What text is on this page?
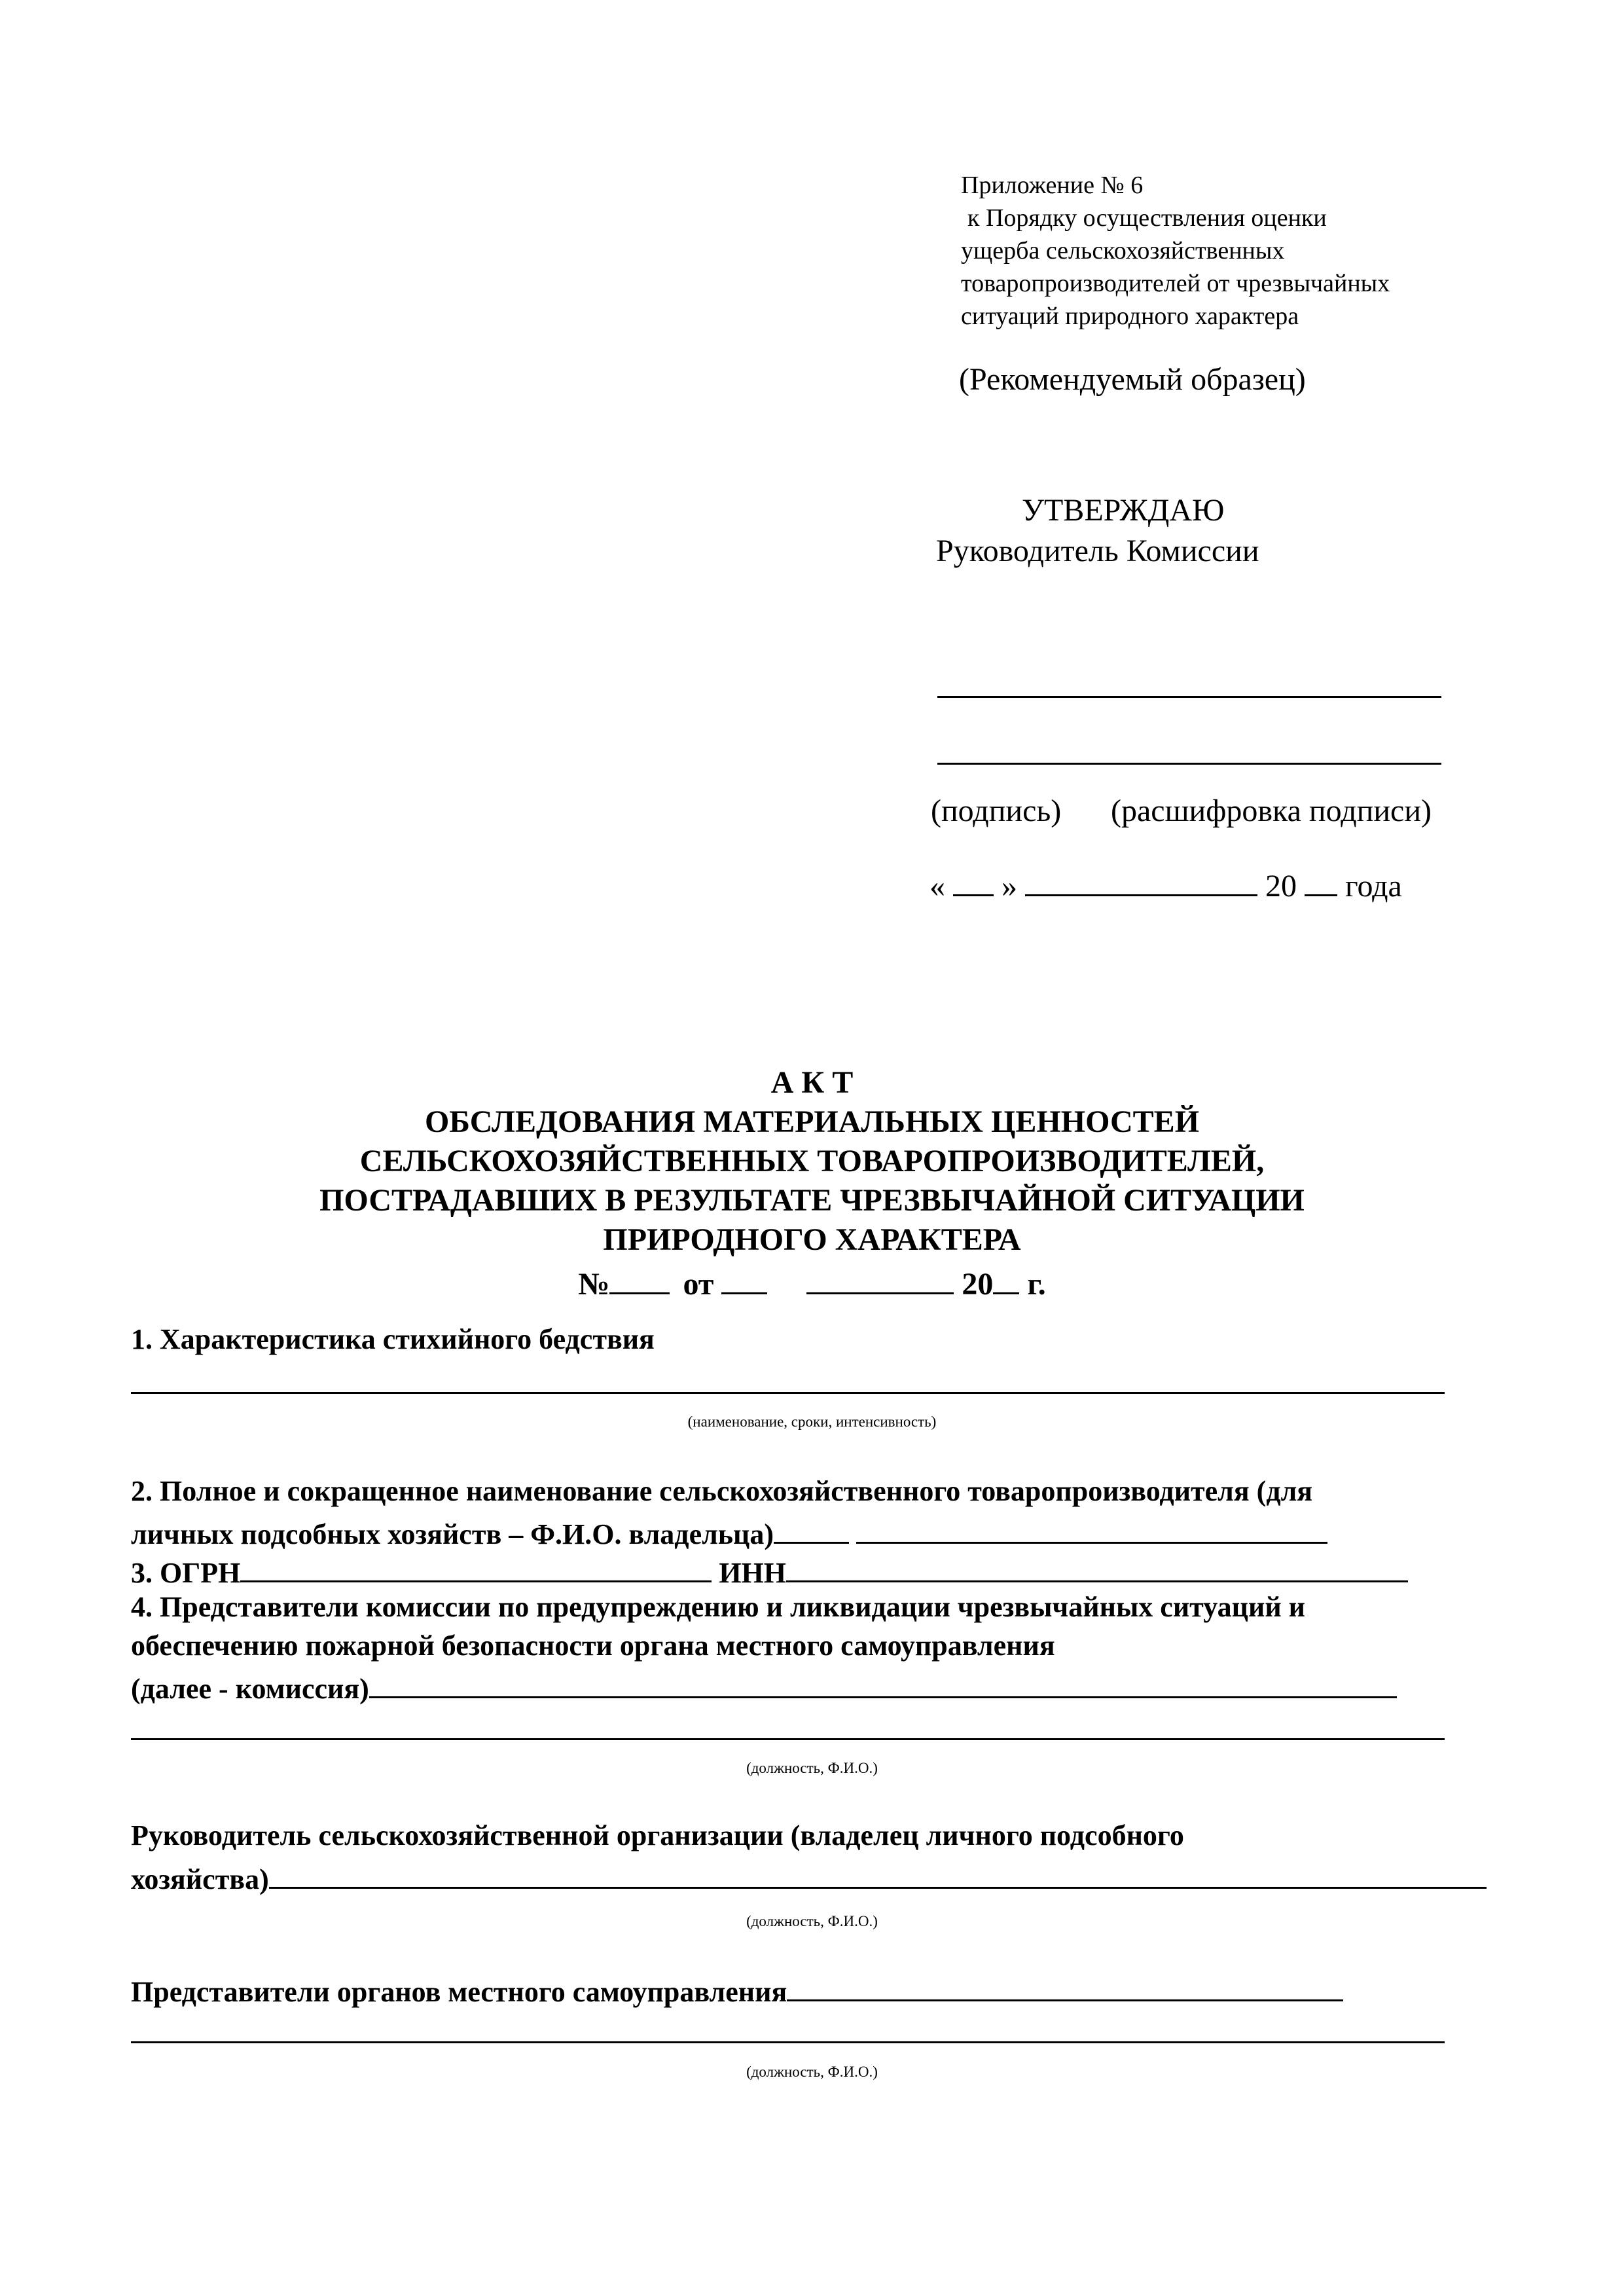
Приложение № 6
к Порядку осуществления оценки
ущерба сельскохозяйственных
товаропроизводителей от чрезвычайных
ситуаций природного характера
(Рекомендуемый образец)
УТВЕРЖДАЮ
Руководитель Комиссии
(подпись) (расшифровка подписи)
« »	20 года
А К Т
ОБСЛЕДОВАНИЯ МАТЕРИАЛЬНЫХ ЦЕННОСТЕЙ
СЕЛЬСКОХОЗЯЙСТВЕННЫХ ТОВАРОПРОИЗВОДИТЕЛЕЙ,
ПОСТРАДАВШИХ В РЕЗУЛЬТАТЕ ЧРЕЗВЫЧАЙНОЙ СИТУАЦИИ
ПРИРОДНОГО ХАРАКТЕРА
№ от	20 г.
1. Характеристика стихийного бедствия
(наименование, сроки, интенсивность)
2. Полное и сокращенное наименование сельскохозяйственного товаропроизводителя (для
личных подсобных хозяйств – Ф.И.О. владельца)
3. ОГРН	ИНН
4. Представители комиссии по предупреждению и ликвидации чрезвычайных ситуаций и
обеспечению пожарной безопасности органа местного самоуправления
(далее - комиссия)
(должность, Ф.И.О.)
Руководитель сельскохозяйственной организации (владелец личного подсобного
хозяйства)
(должность, Ф.И.О.)
Представители органов местного самоуправления
(должность, Ф.И.О.)
